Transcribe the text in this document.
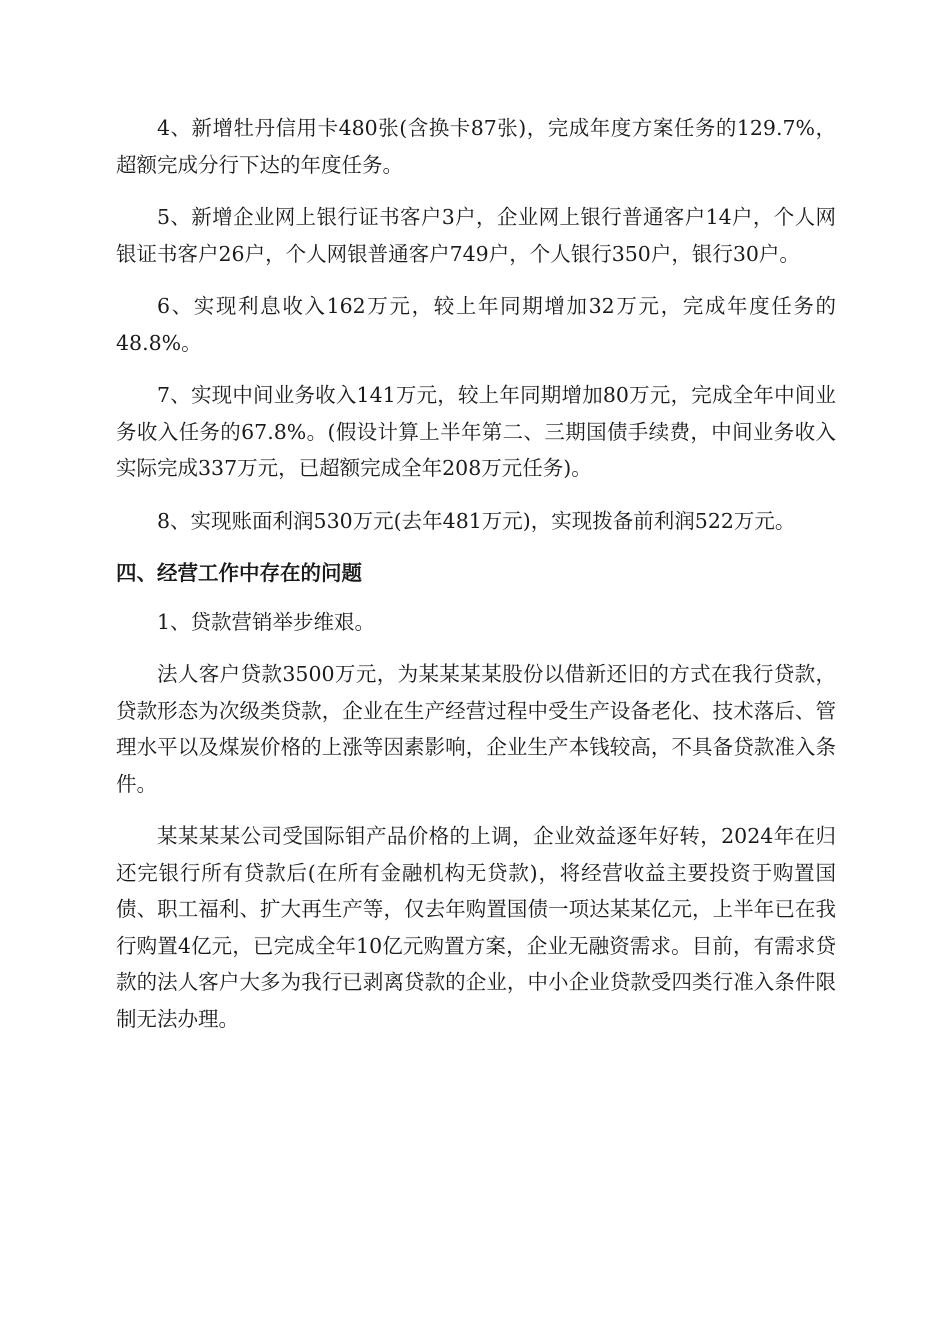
4、新增牡丹信用卡480张(含换卡87张)，完成年度方案任务的129.7%，超额完成分行下达的年度任务。

5、新增企业网上银行证书客户3户，企业网上银行普通客户14户，个人网银证书客户26户，个人网银普通客户749户，个人银行350户，银行30户。

6、实现利息收入162万元，较上年同期增加32万元，完成年度任务的48.8%。

7、实现中间业务收入141万元，较上年同期增加80万元，完成全年中间业务收入任务的67.8%。(假设计算上半年第二、三期国债手续费，中间业务收入实际完成337万元，已超额完成全年208万元任务)。

8、实现账面利润530万元(去年481万元)，实现拨备前利润522万元。

四、经营工作中存在的问题

1、贷款营销举步维艰。

法人客户贷款3500万元，为某某某某股份以借新还旧的方式在我行贷款，贷款形态为次级类贷款，企业在生产经营过程中受生产设备老化、技术落后、管理水平以及煤炭价格的上涨等因素影响，企业生产本钱较高，不具备贷款准入条件。

某某某某公司受国际钼产品价格的上调，企业效益逐年好转，2024年在归还完银行所有贷款后(在所有金融机构无贷款)，将经营收益主要投资于购置国债、职工福利、扩大再生产等，仅去年购置国债一项达某某亿元，上半年已在我行购置4亿元，已完成全年10亿元购置方案，企业无融资需求。目前，有需求贷款的法人客户大多为我行已剥离贷款的企业，中小企业贷款受四类行准入条件限制无法办理。
